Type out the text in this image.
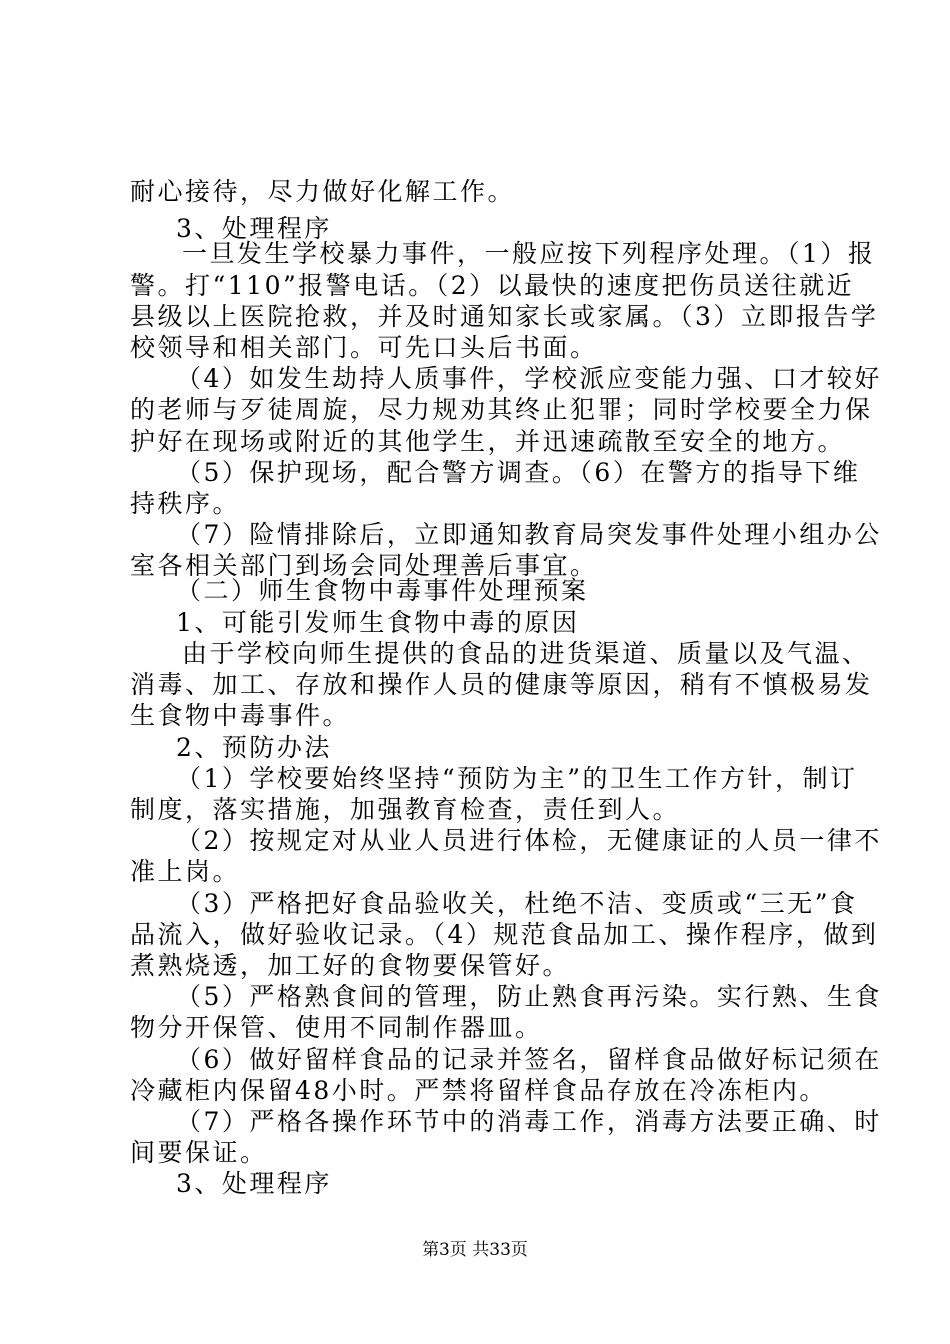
耐心接待，尽力做好化解工作。
3、处理程序
一旦发生学校暴力事件，一般应按下列程序处理。（1）报
警。打“110”报警电话。（2）以最快的速度把伤员送往就近
县级以上医院抢救，并及时通知家长或家属。（3）立即报告学
校领导和相关部门。可先口头后书面。
（4）如发生劫持人质事件，学校派应变能力强、口才较好
的老师与歹徒周旋，尽力规劝其终止犯罪；同时学校要全力保
护好在现场或附近的其他学生，并迅速疏散至安全的地方。
（5）保护现场，配合警方调查。（6）在警方的指导下维
持秩序。
（7）险情排除后，立即通知教育局突发事件处理小组办公
室各相关部门到场会同处理善后事宜。
（二）师生食物中毒事件处理预案
1、可能引发师生食物中毒的原因
由于学校向师生提供的食品的进货渠道、质量以及气温、
消毒、加工、存放和操作人员的健康等原因，稍有不慎极易发
生食物中毒事件。
2、预防办法
（1）学校要始终坚持“预防为主”的卫生工作方针，制订
制度，落实措施，加强教育检查，责任到人。
（2）按规定对从业人员进行体检，无健康证的人员一律不
准上岗。
（3）严格把好食品验收关，杜绝不洁、变质或“三无”食
品流入，做好验收记录。（4）规范食品加工、操作程序，做到
煮熟烧透，加工好的食物要保管好。
（5）严格熟食间的管理，防止熟食再污染。实行熟、生食
物分开保管、使用不同制作器皿。
（6）做好留样食品的记录并签名，留样食品做好标记须在
冷藏柜内保留48小时。严禁将留样食品存放在冷冻柜内。
（7）严格各操作环节中的消毒工作，消毒方法要正确、时
间要保证。
3、处理程序
第3页 共33页
